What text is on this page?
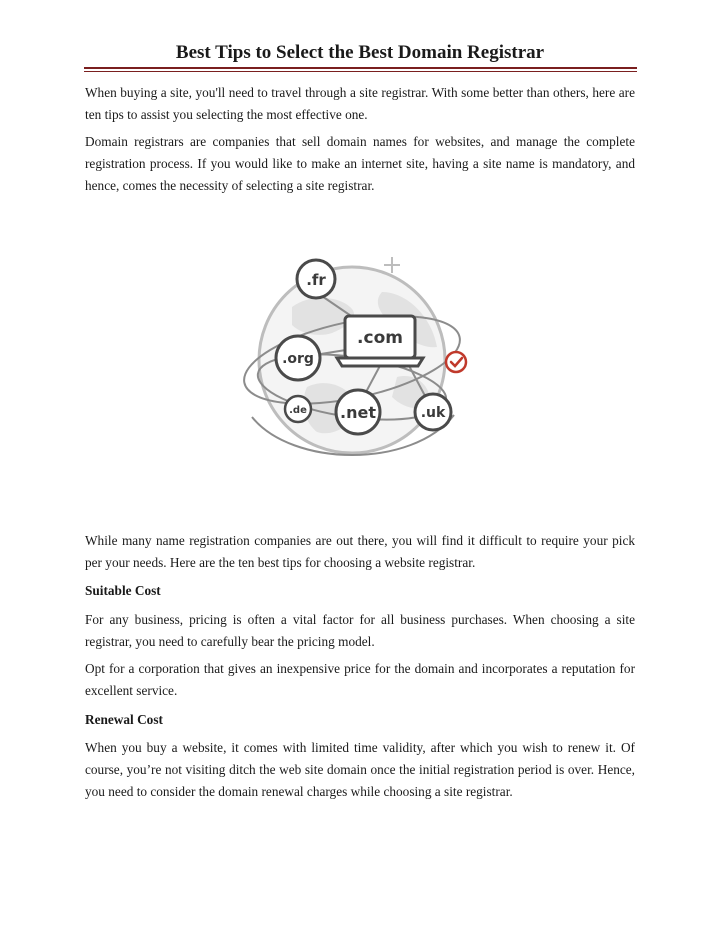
Best Tips to Select the Best Domain Registrar

When buying a site, you'll need to travel through a site registrar. With some better than others, here are ten tips to assist you selecting the most effective one.

Domain registrars are companies that sell domain names for websites, and manage the complete registration process. If you would like to make an internet site, having a site name is mandatory, and hence, comes the necessity of selecting a site registrar.

.com
.fr
.org
.de .net	.uk

While many name registration companies are out there, you will find it difficult to require your pick per your needs. Here are the ten best tips for choosing a website registrar.

Suitable Cost

For any business, pricing is often a vital factor for all business purchases. When choosing a site registrar, you need to carefully bear the pricing model.

Opt for a corporation that gives an inexpensive price for the domain and incorporates a reputation for excellent service.

Renewal Cost

When you buy a website, it comes with limited time validity, after which you wish to renew it. Of course, you’re not visiting ditch the web site domain once the initial registration period is over. Hence, you need to consider the domain renewal charges while choosing a site registrar.
